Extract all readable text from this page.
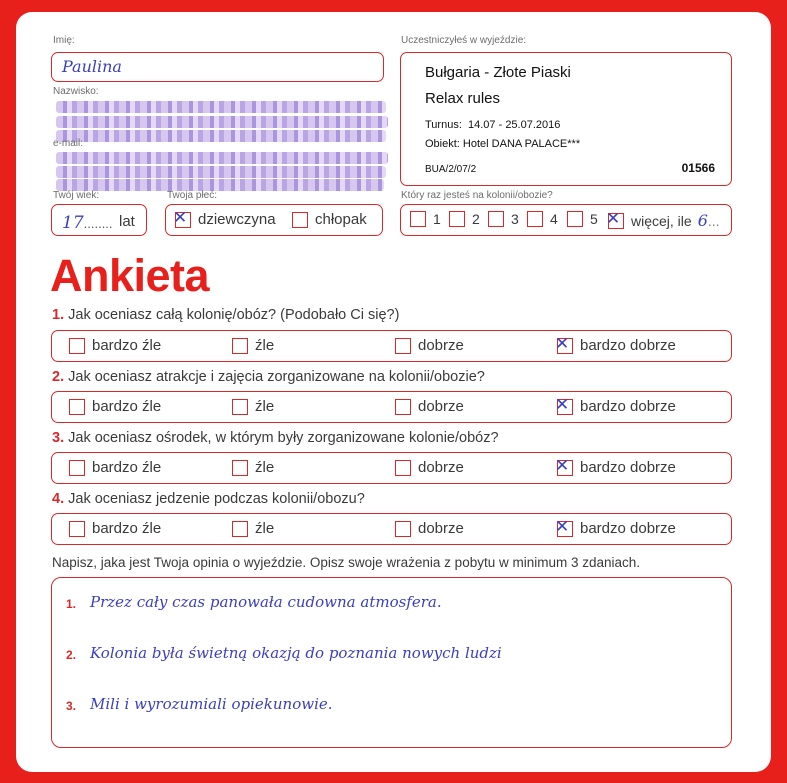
Imię:
Paulina
Nazwisko:
e-mail:
Twój wiek:
17........ lat
Twoja płeć:
✕ dziewczyna	chłopak
Uczestniczyłeś w wyjeździe:
Bułgaria - Złote Piaski
Relax rules
Turnus: 14.07 - 25.07.2016
Obiekt: Hotel DANA PALACE***
BUA/2/07/2	01566
Który raz jesteś na kolonii/obozie?
1 2 3 4 5 ✕ więcej, ile 6 ...
Ankieta
1. Jak oceniasz całą kolonię/obóz? (Podobało Ci się?)
bardzo źle	źle	dobrze	✕ bardzo dobrze
2. Jak oceniasz atrakcje i zajęcia zorganizowane na kolonii/obozie?
bardzo źle	źle	dobrze	✕ bardzo dobrze
3. Jak oceniasz ośrodek, w którym były zorganizowane kolonie/obóz?
bardzo źle	źle	dobrze	✕ bardzo dobrze
4. Jak oceniasz jedzenie podczas kolonii/obozu?
bardzo źle	źle	dobrze	✕ bardzo dobrze
Napisz, jaka jest Twoja opinia o wyjeździe. Opisz swoje wrażenia z pobytu w minimum 3 zdaniach.
1. Przez cały czas panowała cudowna atmosfera.
2. Kolonia była świetną okazją do poznania nowych ludzi
3. Mili i wyrozumiali opiekunowie.
